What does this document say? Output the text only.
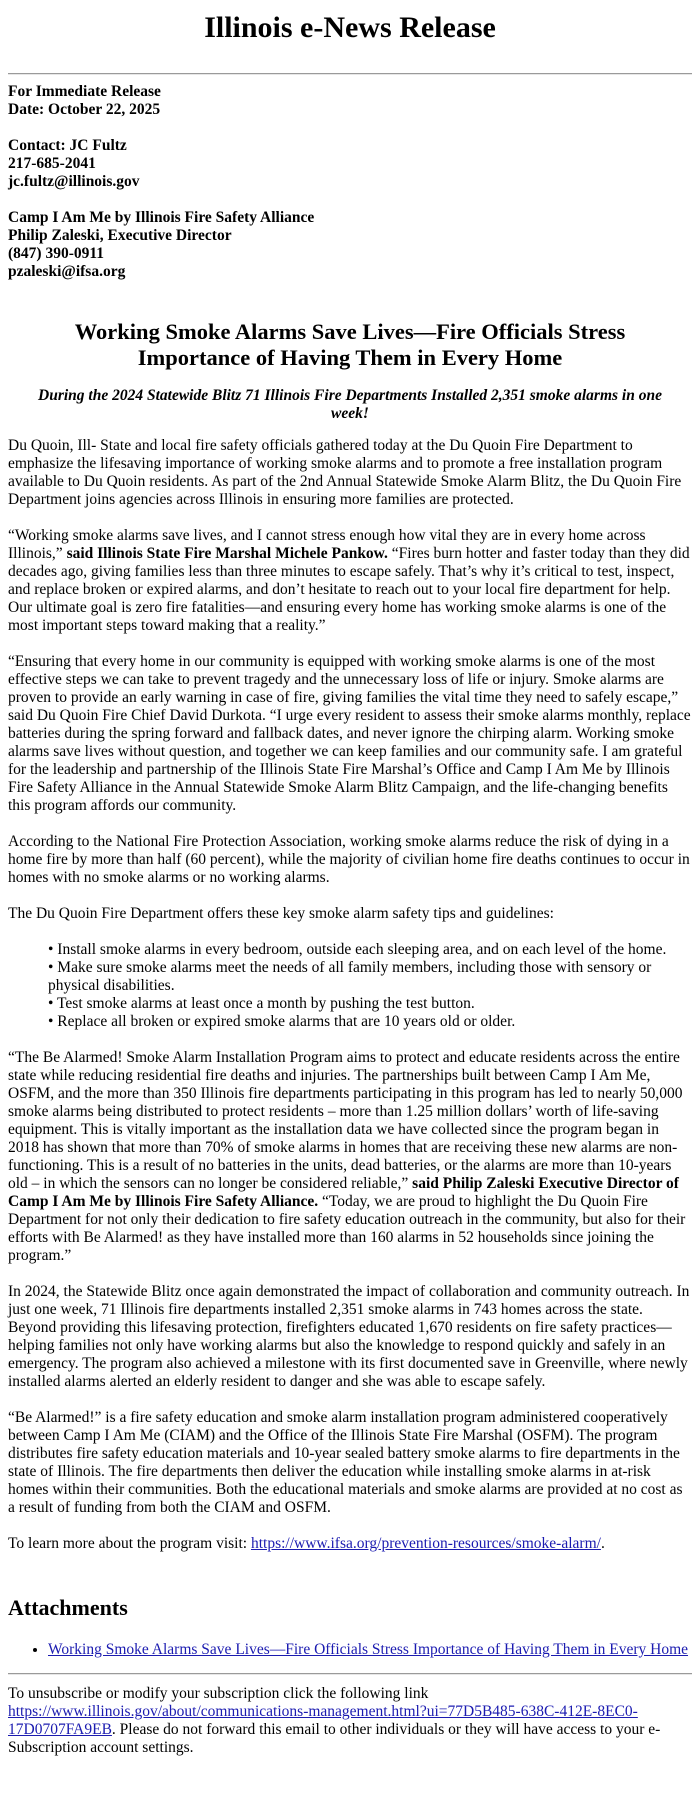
Illinois e-News Release
For Immediate Release
Date: October 22, 2025
Contact: JC Fultz
217-685-2041
jc.fultz@illinois.gov
Camp I Am Me by Illinois Fire Safety Alliance
Philip Zaleski, Executive Director
(847) 390-0911
pzaleski@ifsa.org
Working Smoke Alarms Save Lives—Fire Officials Stress Importance of Having Them in Every Home
During the 2024 Statewide Blitz 71 Illinois Fire Departments Installed 2,351 smoke alarms in one week!

Du Quoin, Ill- State and local fire safety officials gathered today at the Du Quoin Fire Department to emphasize the lifesaving importance of working smoke alarms and to promote a free installation program available to Du Quoin residents. As part of the 2nd Annual Statewide Smoke Alarm Blitz, the Du Quoin Fire Department joins agencies across Illinois in ensuring more families are protected.

“Working smoke alarms save lives, and I cannot stress enough how vital they are in every home across Illinois,” said Illinois State Fire Marshal Michele Pankow. “Fires burn hotter and faster today than they did decades ago, giving families less than three minutes to escape safely. That’s why it’s critical to test, inspect, and replace broken or expired alarms, and don’t hesitate to reach out to your local fire department for help. Our ultimate goal is zero fire fatalities—and ensuring every home has working smoke alarms is one of the most important steps toward making that a reality.”

“Ensuring that every home in our community is equipped with working smoke alarms is one of the most effective steps we can take to prevent tragedy and the unnecessary loss of life or injury. Smoke alarms are proven to provide an early warning in case of fire, giving families the vital time they need to safely escape,” said Du Quoin Fire Chief David Durkota. “I urge every resident to assess their smoke alarms monthly, replace batteries during the spring forward and fallback dates, and never ignore the chirping alarm. Working smoke alarms save lives without question, and together we can keep families and our community safe. I am grateful for the leadership and partnership of the Illinois State Fire Marshal’s Office and Camp I Am Me by Illinois Fire Safety Alliance in the Annual Statewide Smoke Alarm Blitz Campaign, and the life-changing benefits this program affords our community.

According to the National Fire Protection Association, working smoke alarms reduce the risk of dying in a home fire by more than half (60 percent), while the majority of civilian home fire deaths continues to occur in homes with no smoke alarms or no working alarms.

The Du Quoin Fire Department offers these key smoke alarm safety tips and guidelines:

• Install smoke alarms in every bedroom, outside each sleeping area, and on each level of the home.
• Make sure smoke alarms meet the needs of all family members, including those with sensory or physical disabilities.
• Test smoke alarms at least once a month by pushing the test button.
• Replace all broken or expired smoke alarms that are 10 years old or older.

“The Be Alarmed! Smoke Alarm Installation Program aims to protect and educate residents across the entire state while reducing residential fire deaths and injuries. The partnerships built between Camp I Am Me, OSFM, and the more than 350 Illinois fire departments participating in this program has led to nearly 50,000 smoke alarms being distributed to protect residents – more than 1.25 million dollars’ worth of life-saving equipment. This is vitally important as the installation data we have collected since the program began in 2018 has shown that more than 70% of smoke alarms in homes that are receiving these new alarms are non-functioning. This is a result of no batteries in the units, dead batteries, or the alarms are more than 10-years old – in which the sensors can no longer be considered reliable,” said Philip Zaleski Executive Director of Camp I Am Me by Illinois Fire Safety Alliance. “Today, we are proud to highlight the Du Quoin Fire Department for not only their dedication to fire safety education outreach in the community, but also for their efforts with Be Alarmed! as they have installed more than 160 alarms in 52 households since joining the program.”

In 2024, the Statewide Blitz once again demonstrated the impact of collaboration and community outreach. In just one week, 71 Illinois fire departments installed 2,351 smoke alarms in 743 homes across the state. Beyond providing this lifesaving protection, firefighters educated 1,670 residents on fire safety practices—helping families not only have working alarms but also the knowledge to respond quickly and safely in an emergency. The program also achieved a milestone with its first documented save in Greenville, where newly installed alarms alerted an elderly resident to danger and she was able to escape safely.

“Be Alarmed!” is a fire safety education and smoke alarm installation program administered cooperatively between Camp I Am Me (CIAM) and the Office of the Illinois State Fire Marshal (OSFM). The program distributes fire safety education materials and 10-year sealed battery smoke alarms to fire departments in the state of Illinois. The fire departments then deliver the education while installing smoke alarms in at-risk homes within their communities. Both the educational materials and smoke alarms are provided at no cost as a result of funding from both the CIAM and OSFM.

To learn more about the program visit: https://www.ifsa.org/prevention-resources/smoke-alarm/.

Attachments
• Working Smoke Alarms Save Lives—Fire Officials Stress Importance of Having Them in Every Home
To unsubscribe or modify your subscription click the following link https://www.illinois.gov/about/communications-management.html?ui=77D5B485-638C-412E-8EC0-17D0707FA9EB. Please do not forward this email to other individuals or they will have access to your e-Subscription account settings.
